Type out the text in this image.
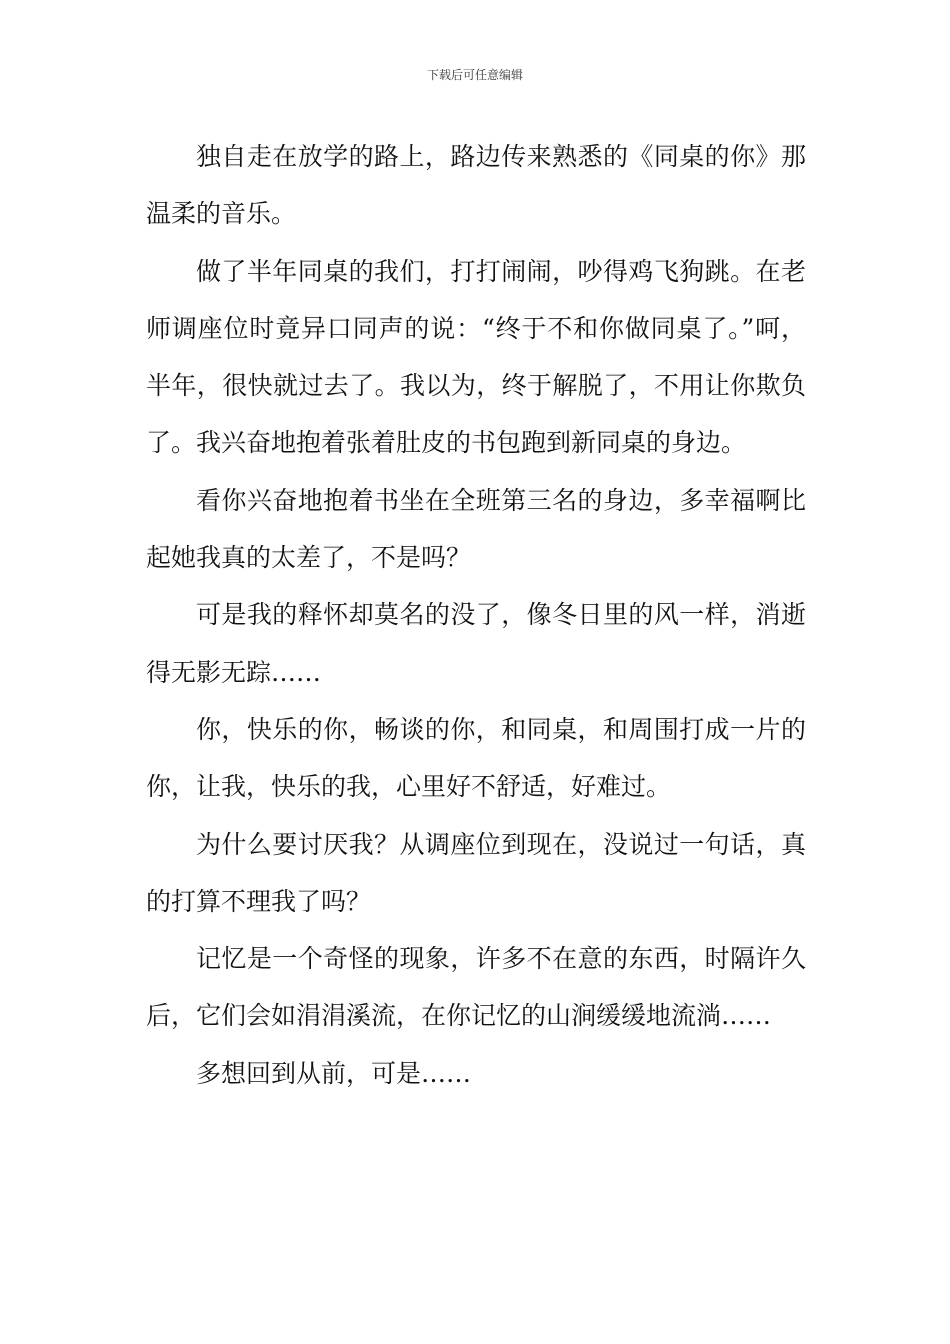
下载后可任意编辑

独自走在放学的路上，路边传来熟悉的《同桌的你》那温柔的音乐。

做了半年同桌的我们，打打闹闹，吵得鸡飞狗跳。在老师调座位时竟异口同声的说：“终于不和你做同桌了。”呵，半年，很快就过去了。我以为，终于解脱了，不用让你欺负了。我兴奋地抱着张着肚皮的书包跑到新同桌的身边。

看你兴奋地抱着书坐在全班第三名的身边，多幸福啊比起她我真的太差了，不是吗？

可是我的释怀却莫名的没了，像冬日里的风一样，消逝得无影无踪……

你，快乐的你，畅谈的你，和同桌，和周围打成一片的你，让我，快乐的我，心里好不舒适，好难过。

为什么要讨厌我？从调座位到现在，没说过一句话，真的打算不理我了吗？

记忆是一个奇怪的现象，许多不在意的东西，时隔许久后，它们会如涓涓溪流，在你记忆的山涧缓缓地流淌……

多想回到从前，可是……
